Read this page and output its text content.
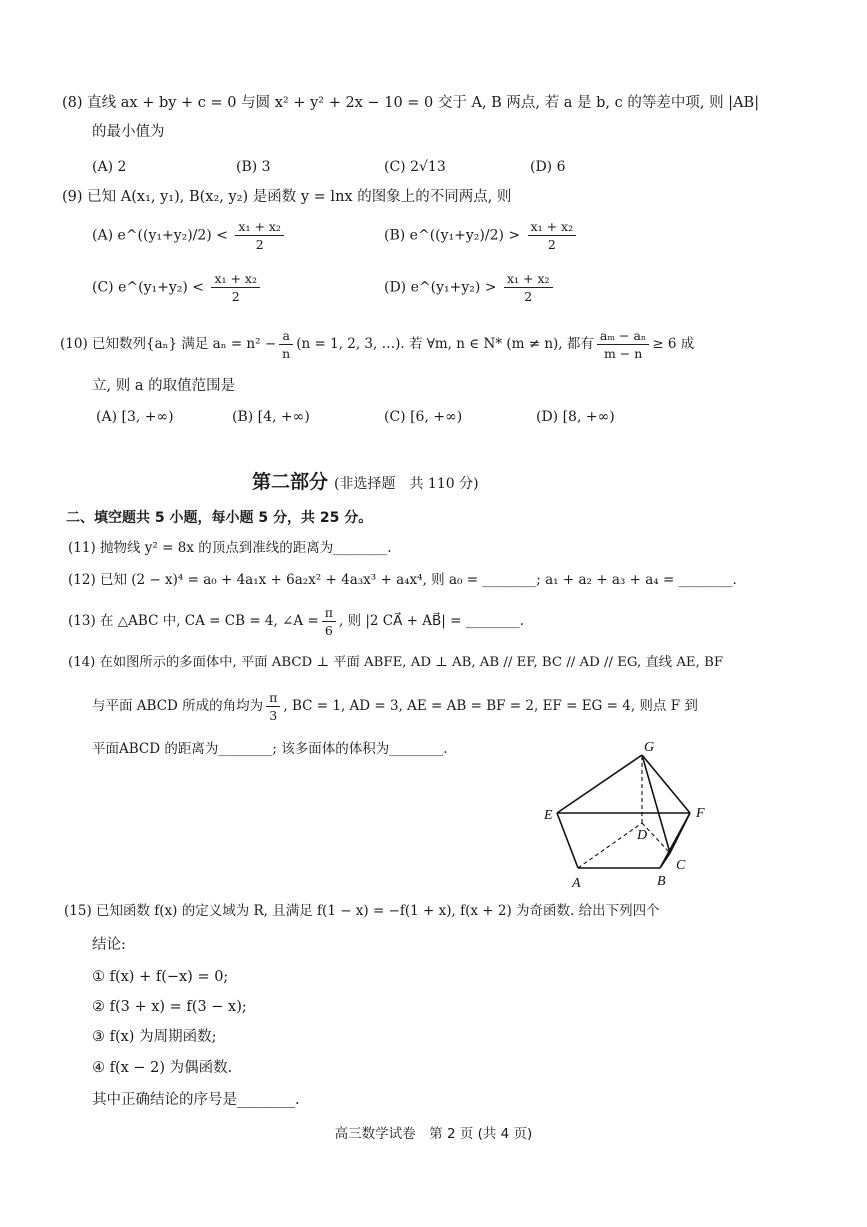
(8) 直线 ax + by + c = 0 与圆 x² + y² + 2x − 10 = 0 交于 A, B 两点, 若 a 是 b, c 的等差中项, 则 |AB|
的最小值为
(A) 2	(B) 3	(C) 2√13	(D) 6
(9) 已知 A(x₁, y₁), B(x₂, y₂) 是函数 y = lnx 的图象上的不同两点, 则
(A) e^((y₁+y₂)/2) < $\frac{\text{x₁ + x₂}}{2}$	(B) e^((y₁+y₂)/2) > $\frac{\text{x₁ + x₂}}{2}$
(C) e^(y₁+y₂) < $\frac{\text{x₁ + x₂}}{2}$	(D) e^(y₁+y₂) > $\frac{\text{x₁ + x₂}}{2}$
(10) 已知数列{aₙ} 满足 $a_n = n^2 - \frac{a}{n} (n = 1$, 2, 3, …). 若 ∀m, n ∈ N* (m ≠ n), 都有 $\frac{\text{aₘ − aₙ}}{m - n} \ge 6$ 成
立, 则 a 的取值范围是
(A) [3, +∞)	(B) [4, +∞)	(C) [6, +∞)	(D) [8, +∞)
第二部分 (非选择题　共 110 分)
二、填空题共 5 小题，每小题 5 分，共 25 分。
(11) 抛物线 y² = 8x 的顶点到准线的距离为________.
(12) 已知 (2 − x)⁴ = a₀ + 4a₁x + 6a₂x² + 4a₃x³ + a₄x⁴, 则 a₀ = ________; a₁ + a₂ + a₃ + a₄ = ________.
(13) 在 △ABC 中, CA = CB = 4, ∠A = $\frac{\pi}{6}$ , 则 |2 CA⃗ + AB⃗| = ________.
(14) 在如图所示的多面体中, 平面 ABCD ⊥ 平面 ABFE, AD ⊥ AB, AB // EF, BC // AD // EG, 直线 AE, BF
与平面 ABCD 所成的角均为 $\frac{\pi}{3}$ , BC = 1, AD = 3, AE = AB = BF = 2, EF = EG = 4, 则点 F 到
平面ABCD 的距离为________; 该多面体的体积为________.	G
E
D
F
C
B
A
(15) 已知函数 f(x) 的定义域为 R, 且满足 f(1 − x) = −f(1 + x), f(x + 2) 为奇函数. 给出下列四个
结论:
① f(x) + f(−x) = 0;
② f(3 + x) = f(3 − x);
③ f(x) 为周期函数;
④ f(x − 2) 为偶函数.
其中正确结论的序号是________.
高三数学试卷　第 2 页 (共 4 页)
